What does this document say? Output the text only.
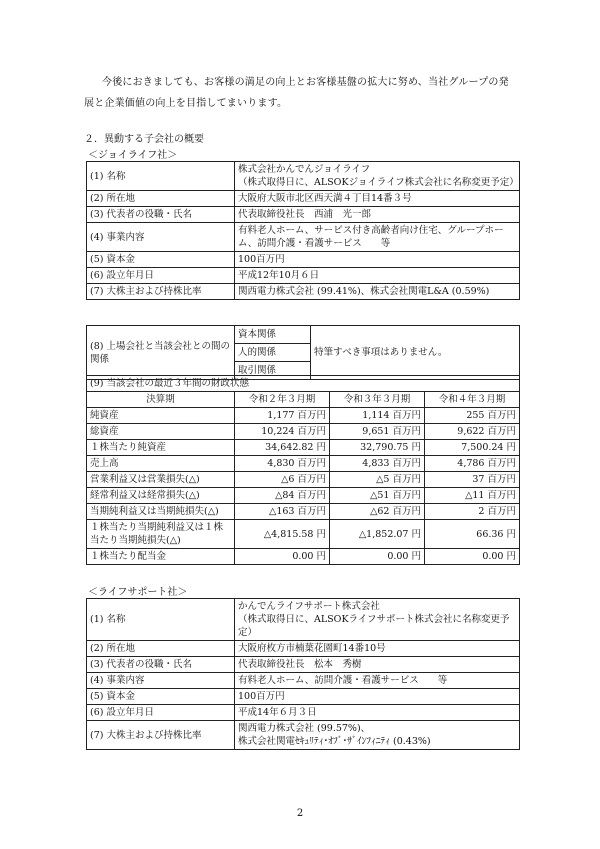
今後におきましても、お客様の満足の向上とお客様基盤の拡大に努め、当社グループの発
展と企業価値の向上を目指してまいります。
２．異動する子会社の概要
＜ジョイライフ社＞
(1) 名称	株式会社かんでんジョイライフ
（株式取得日に、ALSOKジョイライフ株式会社に名称変更予定）

(2) 所在地	大阪府大阪市北区西天満４丁目14番３号

(3) 代表者の役職・氏名	代表取締役社長　西浦　光一郎

(4) 事業内容	有料老人ホーム、サービス付き高齢者向け住宅、グループホーム、訪問介護・看護サービス　　等

(5) 資本金	100百万円

(6) 設立年月日	平成12年10月６日

(7) 大株主および持株比率	関西電力株式会社 (99.41%)、株式会社関電L&A (0.59%)
(8) 上場会社と当該会社との間の関係	資本関係	特筆すべき事項はありません。
人的関係
取引関係
(9) 当該会社の最近３年間の財政状態			
決算期	令和２年３月期	令和３年３月期	令和４年３月期
純資産	1,177 百万円	1,114 百万円	255 百万円
総資産	10,224 百万円	9,651 百万円	9,622 百万円
１株当たり純資産	34,642.82 円	32,790.75 円	7,500.24 円
売上高	4,830 百万円	4,833 百万円	4,786 百万円
営業利益又は営業損失(△)	△6 百万円	△5 百万円	37 百万円
経常利益又は経常損失(△)	△84 百万円	△51 百万円	△11 百万円
当期純利益又は当期純損失(△)	△163 百万円	△62 百万円	2 百万円
１株当たり当期純利益又は１株当たり当期純損失(△)	△4,815.58 円	△1,852.07 円	66.36 円
１株当たり配当金	0.00 円	0.00 円	0.00 円
＜ライフサポート社＞
(1) 名称	かんでんライフサポート株式会社
（株式取得日に、ALSOKライフサポート株式会社に名称変更予定）

(2) 所在地	大阪府枚方市楠葉花園町14番10号

(3) 代表者の役職・氏名	代表取締役社長　松本　秀樹

(4) 事業内容	有料老人ホーム、訪問介護・看護サービス　　等

(5) 資本金	100百万円

(6) 設立年月日	平成14年６月３日

(7) 大株主および持株比率	関西電力株式会社 (99.57%)、
株式会社関電ｾｷｭﾘﾃｨ･ｵﾌﾞ･ｻﾞｲﾝﾌｨﾆﾃｨ (0.43%)
2
